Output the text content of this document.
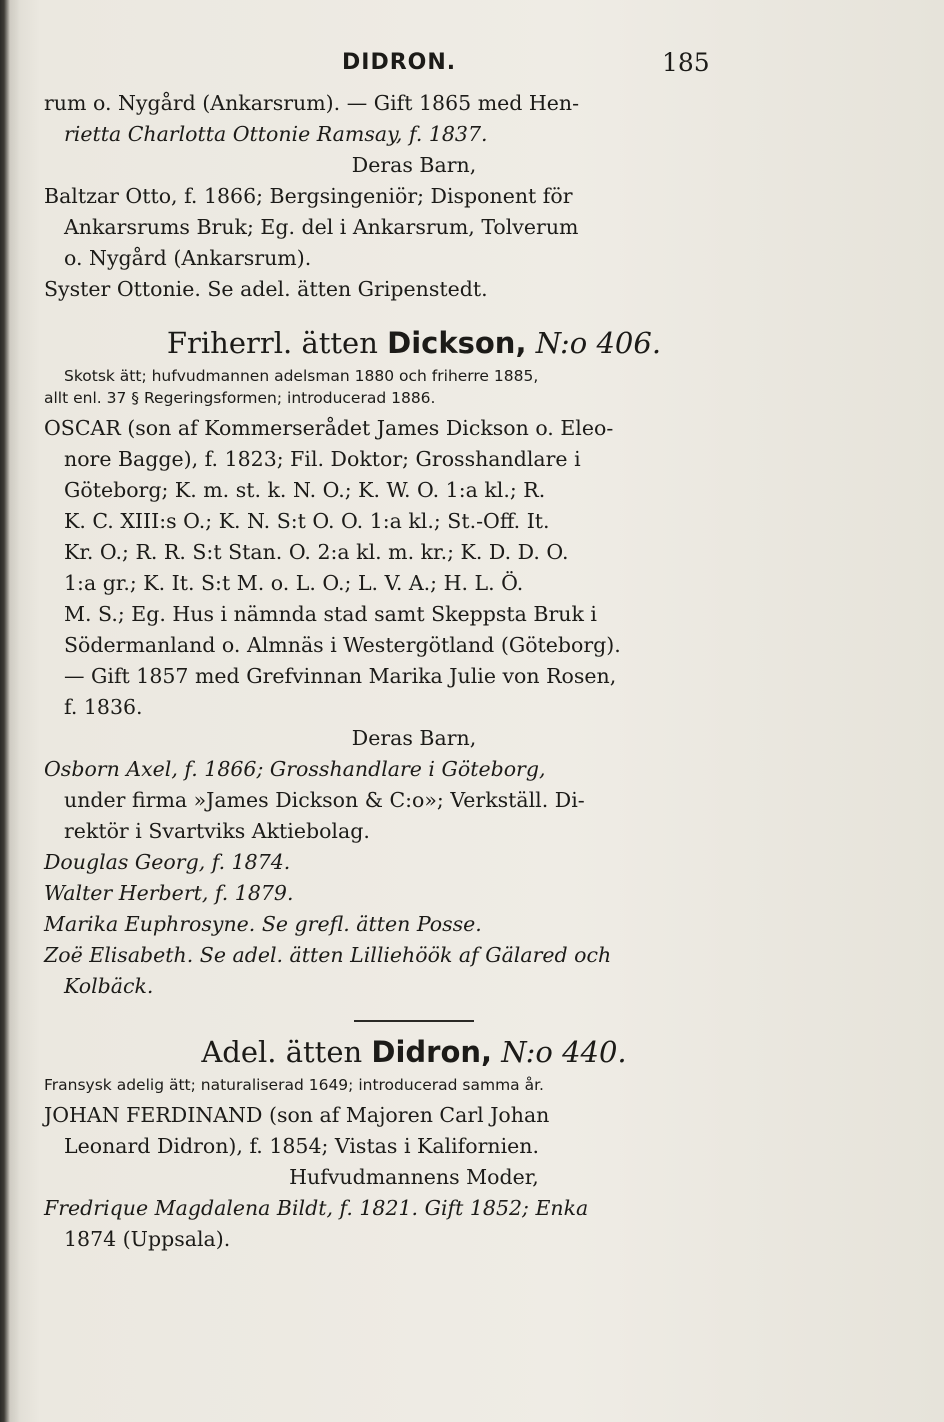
DIDRON.	185
rum o. Nygård (Ankarsrum). — Gift 1865 med Hen-
rietta Charlotta Ottonie Ramsay, f. 1837.
Deras Barn,
Baltzar Otto, f. 1866; Bergsingeniör; Disponent för
Ankarsrums Bruk; Eg. del i Ankarsrum, Tolverum
o. Nygård (Ankarsrum).
Syster Ottonie. Se adel. ätten Gripenstedt.
Friherrl. ätten Dickson, N:o 406.
Skotsk ätt; hufvudmannen adelsman 1880 och friherre 1885,
allt enl. 37 § Regeringsformen; introducerad 1886.
OSCAR (son af Kommerserådet James Dickson o. Eleo-
nore Bagge), f. 1823; Fil. Doktor; Grosshandlare i
Göteborg; K. m. st. k. N. O.; K. W. O. 1:a kl.; R.
K. C. XIII:s O.; K. N. S:t O. O. 1:a kl.; St.-Off. It.
Kr. O.; R. R. S:t Stan. O. 2:a kl. m. kr.; K. D. D. O.
1:a gr.; K. It. S:t M. o. L. O.; L. V. A.; H. L. Ö.
M. S.; Eg. Hus i nämnda stad samt Skeppsta Bruk i
Södermanland o. Almnäs i Westergötland (Göteborg).
— Gift 1857 med Grefvinnan Marika Julie von Rosen,
f. 1836.
Deras Barn,
Osborn Axel, f. 1866; Grosshandlare i Göteborg,
under firma »James Dickson & C:o»; Verkställ. Di-
rektör i Svartviks Aktiebolag.
Douglas Georg, f. 1874.
Walter Herbert, f. 1879.
Marika Euphrosyne. Se grefl. ätten Posse.
Zoë Elisabeth. Se adel. ätten Lilliehöök af Gälared och
Kolbäck.
Adel. ätten Didron, N:o 440.
Fransysk adelig ätt; naturaliserad 1649; introducerad samma år.
JOHAN FERDINAND (son af Majoren Carl Johan
Leonard Didron), f. 1854; Vistas i Kalifornien.
Hufvudmannens Moder,
Fredrique Magdalena Bildt, f. 1821. Gift 1852; Enka
1874 (Uppsala).
